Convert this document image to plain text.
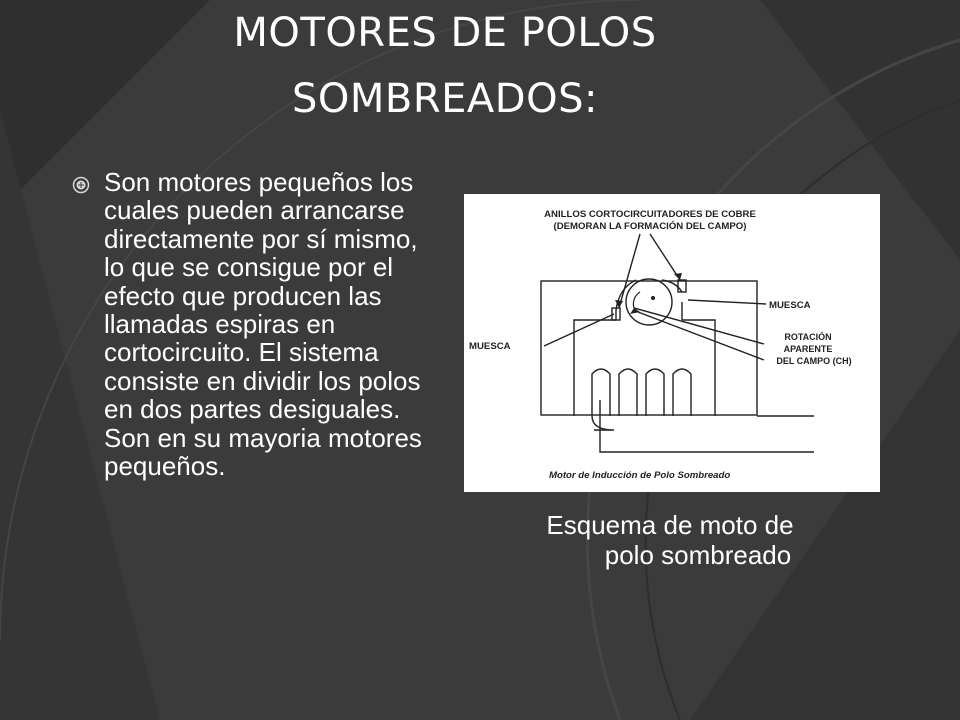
MOTORES DE POLOS
SOMBREADOS:
Son motores pequeños los cuales pueden arrancarse directamente por sí mismo, lo que se consigue por el efecto que producen las llamadas espiras en cortocircuito. El sistema consiste en dividir los polos en dos partes desiguales. Son en su mayoria motores pequeños.
ANILLOS CORTOCIRCUITADORES DE COBRE
(DEMORAN LA FORMACIÓN DEL CAMPO)
MUESCA
MUESCA
ROTACIÓN
APARENTE
DEL CAMPO (CH)
Motor de Inducción de Polo Sombreado
Esquema de moto de
polo sombreado
